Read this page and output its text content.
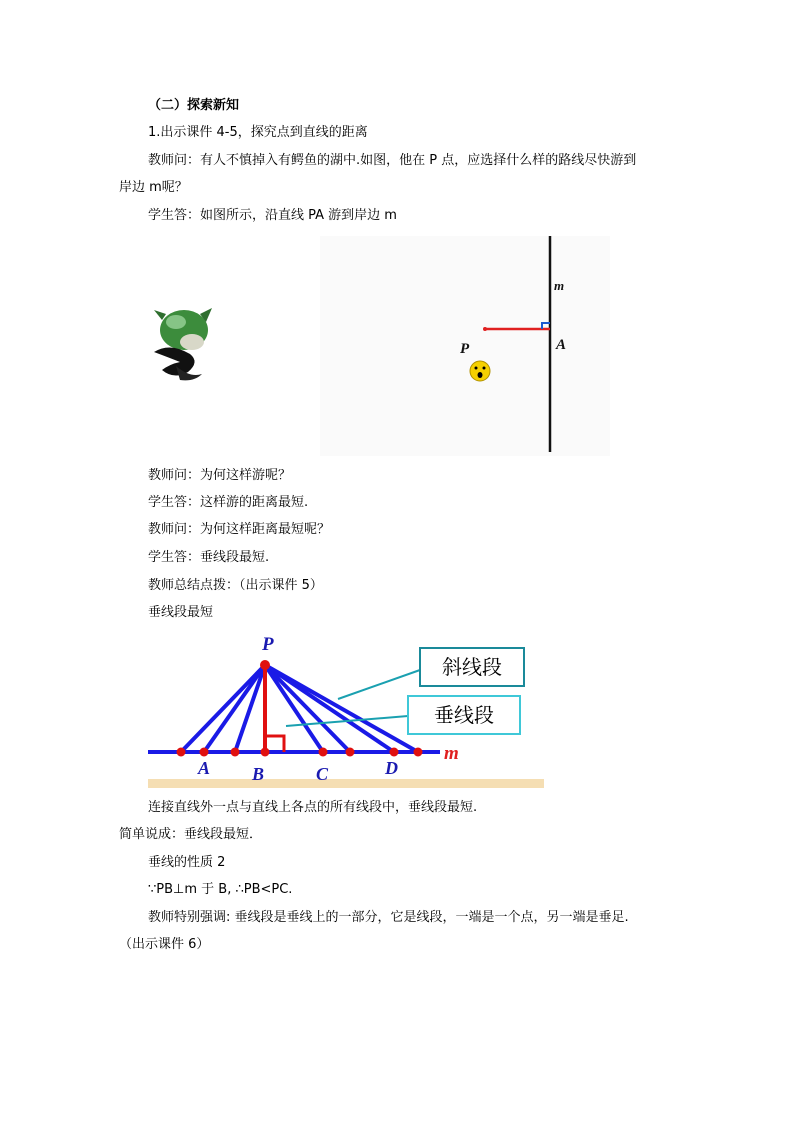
（二）探索新知
1.出示课件 4-5，探究点到直线的距离
教师问：有人不慎掉入有鳄鱼的湖中.如图，他在 P 点，应选择什么样的路线尽快游到
岸边 m呢？
学生答：如图所示，沿直线 PA 游到岸边 m
m
P	A
教师问：为何这样游呢？
学生答：这样游的距离最短.
教师问：为何这样距离最短呢？
学生答：垂线段最短.
教师总结点拨：（出示课件 5）
垂线段最短
斜线段
垂线段
P
A B	C	D
m
连接直线外一点与直线上各点的所有线段中，垂线段最短.
简单说成：垂线段最短．
垂线的性质 2
∵PB⊥m 于 B, ∴PB<PC.
教师特别强调: 垂线段是垂线上的一部分，它是线段，一端是一个点，另一端是垂足.
（出示课件 6）
